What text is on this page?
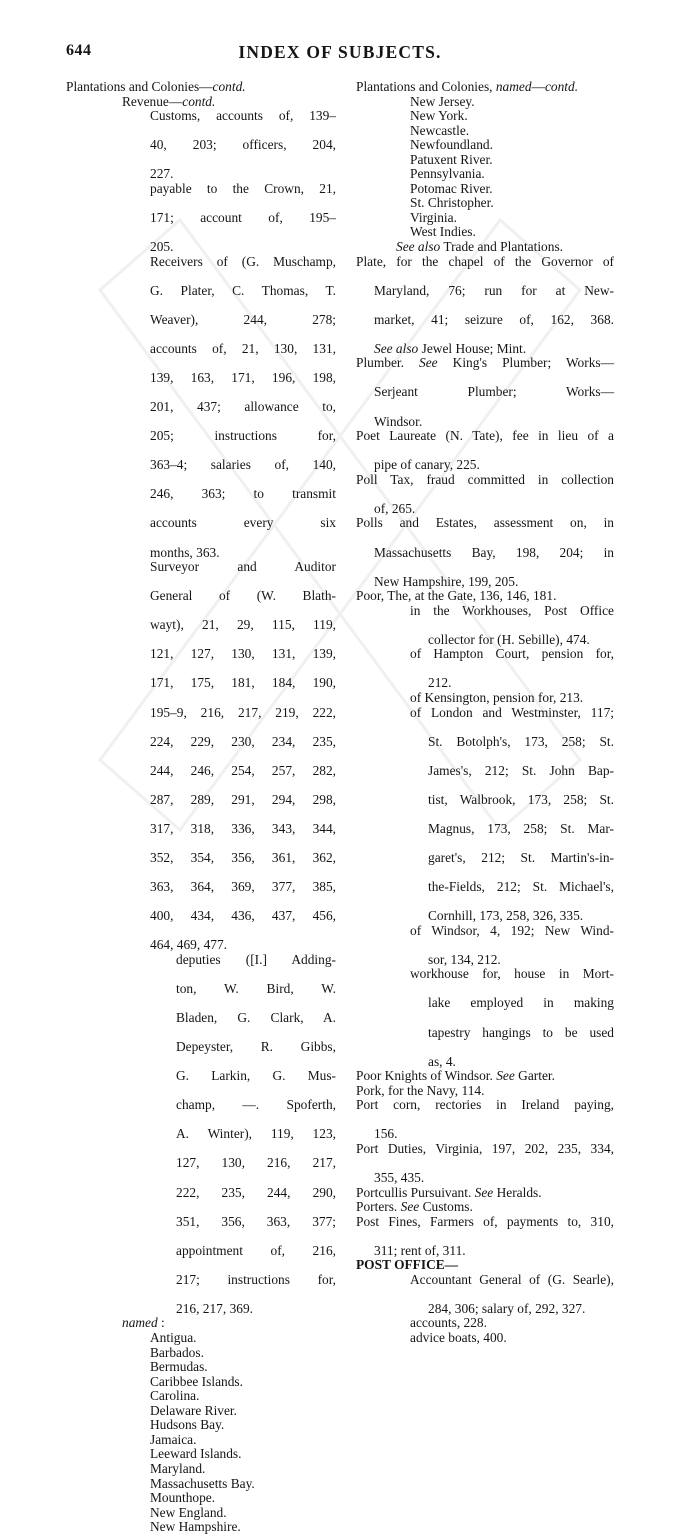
644	INDEX OF SUBJECTS.
Plantations and Colonies—contd.
Revenue—contd.
Customs, accounts of, 139–
40, 203; officers, 204,
227.
payable to the Crown, 21,
171; account of, 195–
205.
Receivers of (G. Muschamp,
G. Plater, C. Thomas, T.
Weaver), 244, 278;
accounts of, 21, 130, 131,
139, 163, 171, 196, 198,
201, 437; allowance to,
205; instructions for,
363–4; salaries of, 140,
246, 363; to transmit
accounts every six
months, 363.
Surveyor and Auditor
General of (W. Blath-
wayt), 21, 29, 115, 119,
121, 127, 130, 131, 139,
171, 175, 181, 184, 190,
195–9, 216, 217, 219, 222,
224, 229, 230, 234, 235,
244, 246, 254, 257, 282,
287, 289, 291, 294, 298,
317, 318, 336, 343, 344,
352, 354, 356, 361, 362,
363, 364, 369, 377, 385,
400, 434, 436, 437, 456,
464, 469, 477.
deputies ([I.] Adding-
ton, W. Bird, W.
Bladen, G. Clark, A.
Depeyster, R. Gibbs,
G. Larkin, G. Mus-
champ, —. Spoferth,
A. Winter), 119, 123,
127, 130, 216, 217,
222, 235, 244, 290,
351, 356, 363, 377;
appointment of, 216,
217; instructions for,
216, 217, 369.
named :
Antigua.
Barbados.
Bermudas.
Caribbee Islands.
Carolina.
Delaware River.
Hudsons Bay.
Jamaica.
Leeward Islands.
Maryland.
Massachusetts Bay.
Mounthope.
New England.
New Hampshire.
Plantations and Colonies, named—contd.
New Jersey.
New York.
Newcastle.
Newfoundland.
Patuxent River.
Pennsylvania.
Potomac River.
St. Christopher.
Virginia.
West Indies.
See also Trade and Plantations.
Plate, for the chapel of the Governor of
Maryland, 76; run for at New-
market, 41; seizure of, 162, 368.
See also Jewel House; Mint.
Plumber. See King's Plumber; Works—
Serjeant Plumber; Works—
Windsor.
Poet Laureate (N. Tate), fee in lieu of a
pipe of canary, 225.
Poll Tax, fraud committed in collection
of, 265.
Polls and Estates, assessment on, in
Massachusetts Bay, 198, 204; in
New Hampshire, 199, 205.
Poor, The, at the Gate, 136, 146, 181.
in the Workhouses, Post Office
collector for (H. Sebille), 474.
of Hampton Court, pension for,
212.
of Kensington, pension for, 213.
of London and Westminster, 117;
St. Botolph's, 173, 258; St.
James's, 212; St. John Bap-
tist, Walbrook, 173, 258; St.
Magnus, 173, 258; St. Mar-
garet's, 212; St. Martin's-in-
the-Fields, 212; St. Michael's,
Cornhill, 173, 258, 326, 335.
of Windsor, 4, 192; New Wind-
sor, 134, 212.
workhouse for, house in Mort-
lake employed in making
tapestry hangings to be used
as, 4.
Poor Knights of Windsor. See Garter.
Pork, for the Navy, 114.
Port corn, rectories in Ireland paying,
156.
Port Duties, Virginia, 197, 202, 235, 334,
355, 435.
Portcullis Pursuivant. See Heralds.
Porters. See Customs.
Post Fines, Farmers of, payments to, 310,
311; rent of, 311.
POST OFFICE—
Accountant General of (G. Searle),
284, 306; salary of, 292, 327.
accounts, 228.
advice boats, 400.
